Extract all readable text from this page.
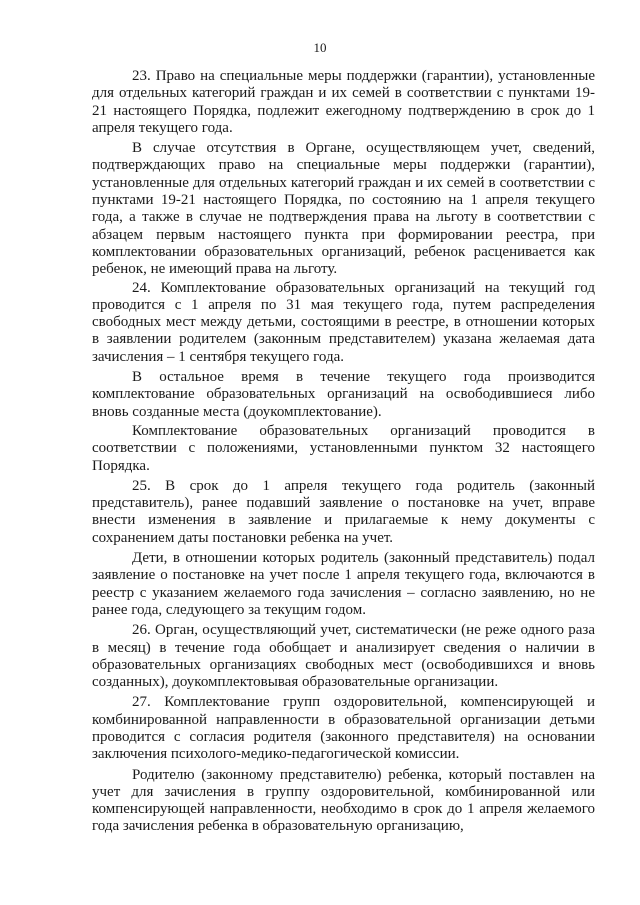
10

23. Право на специальные меры поддержки (гарантии), установленные для отдельных категорий граждан и их семей в соответствии с пунктами 19-21 настоящего Порядка, подлежит ежегодному подтверждению в срок до 1 апреля текущего года.

В случае отсутствия в Органе, осуществляющем учет, сведений, подтверждающих право на специальные меры поддержки (гарантии), установленные для отдельных категорий граждан и их семей в соответствии с пунктами 19-21 настоящего Порядка, по состоянию на 1 апреля текущего года, а также в случае не подтверждения права на льготу в соответствии с абзацем первым настоящего пункта при формировании реестра, при комплектовании образовательных организаций, ребенок расценивается как ребенок, не имеющий права на льготу.

24. Комплектование образовательных организаций на текущий год проводится с 1 апреля по 31 мая текущего года, путем распределения свободных мест между детьми, состоящими в реестре, в отношении которых в заявлении родителем (законным представителем) указана желаемая дата зачисления – 1 сентября текущего года.

В остальное время в течение текущего года производится комплектование образовательных организаций на освободившиеся либо вновь созданные места (доукомплектование).

Комплектование образовательных организаций проводится в соответствии с положениями, установленными пунктом 32 настоящего Порядка.

25. В срок до 1 апреля текущего года родитель (законный представитель), ранее подавший заявление о постановке на учет, вправе внести изменения в заявление и прилагаемые к нему документы с сохранением даты постановки ребенка на учет.

Дети, в отношении которых родитель (законный представитель) подал заявление о постановке на учет после 1 апреля текущего года, включаются в реестр с указанием желаемого года зачисления – согласно заявлению, но не ранее года, следующего за текущим годом.

26. Орган, осуществляющий учет, систематически (не реже одного раза в месяц) в течение года обобщает и анализирует сведения о наличии в образовательных организациях свободных мест (освободившихся и вновь созданных), доукомплектовывая образовательные организации.

27. Комплектование групп оздоровительной, компенсирующей и комбинированной направленности в образовательной организации детьми проводится с согласия родителя (законного представителя) на основании заключения психолого-медико-педагогической комиссии.

Родителю (законному представителю) ребенка, который поставлен на учет для зачисления в группу оздоровительной, комбинированной или компенсирующей направленности, необходимо в срок до 1 апреля желаемого года зачисления ребенка в образовательную организацию,
